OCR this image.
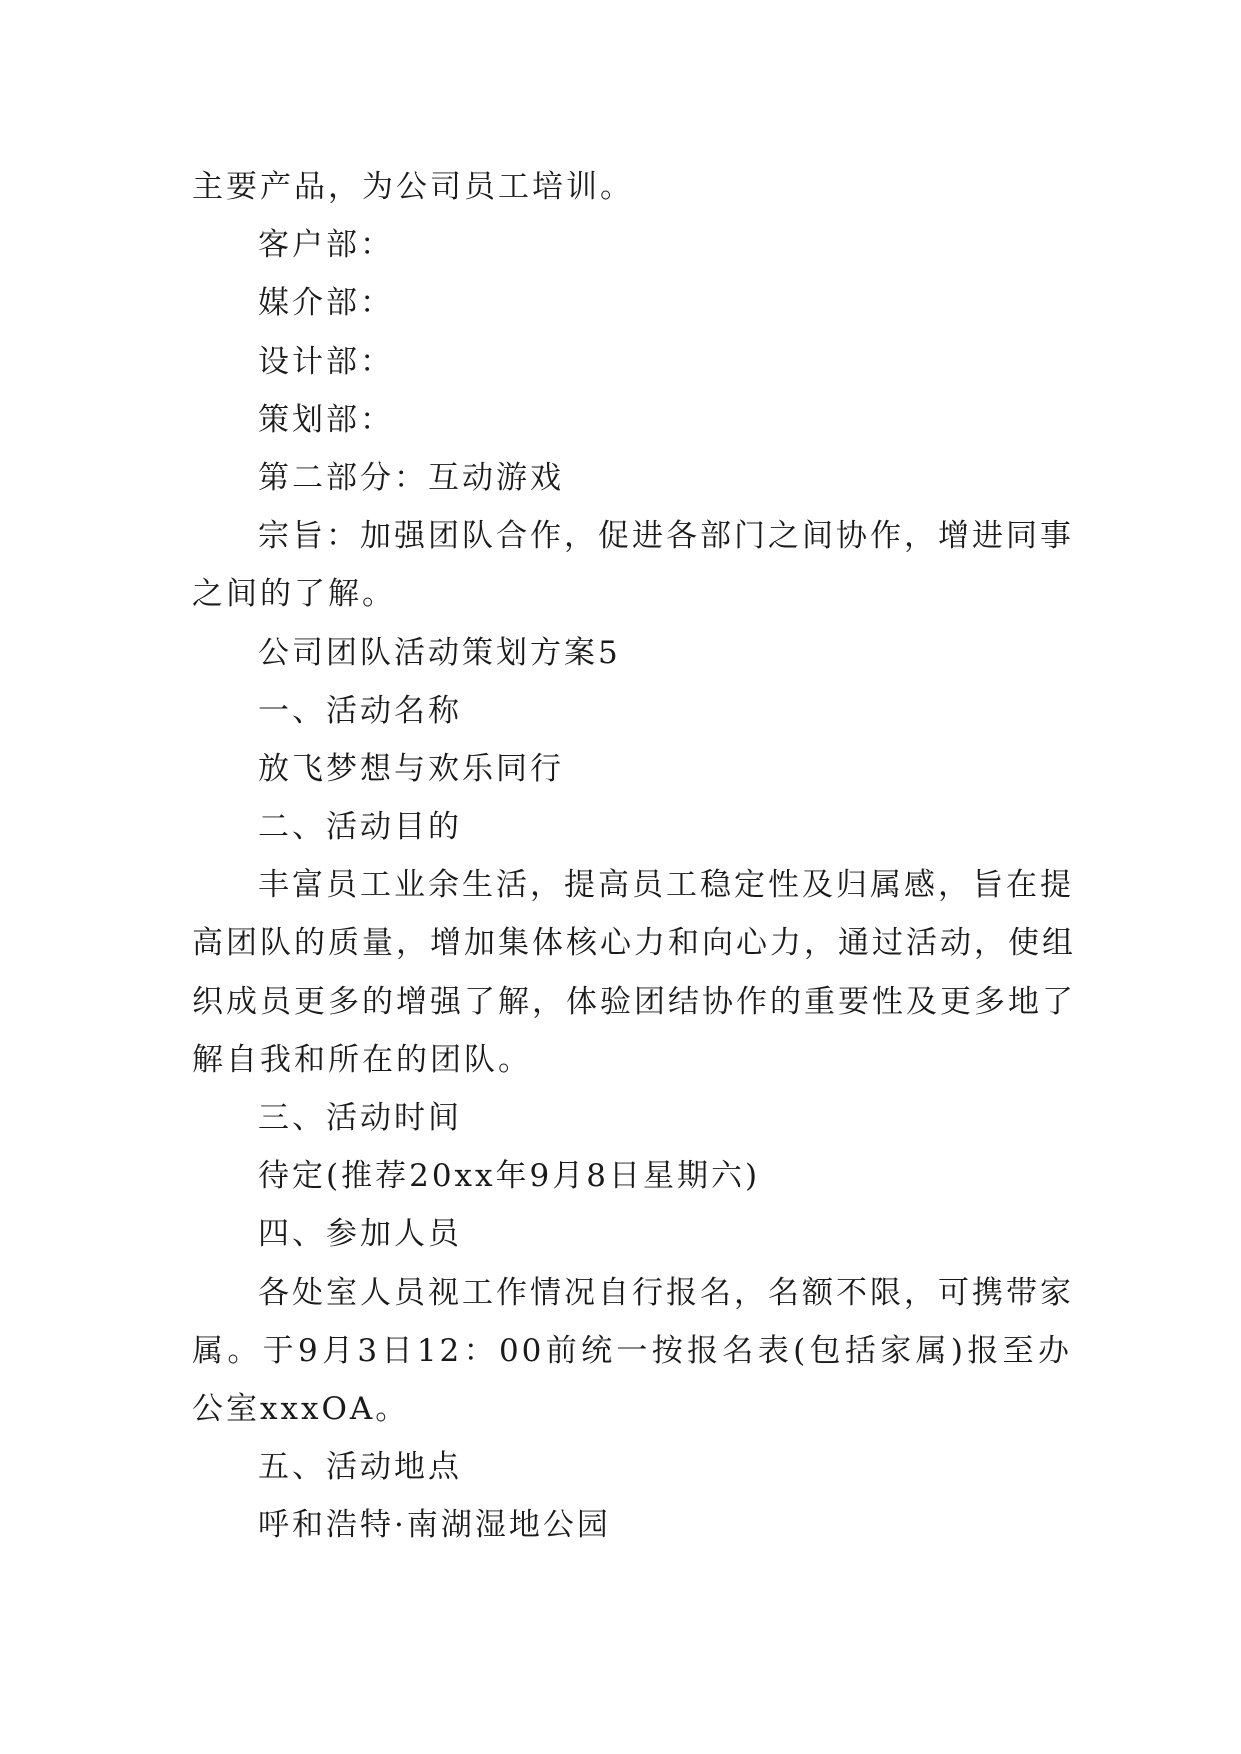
主要产品，为公司员工培训。
客户部：
媒介部：
设计部：
策划部：
第二部分：互动游戏
宗旨：加强团队合作，促进各部门之间协作，增进同事
之间的了解。
公司团队活动策划方案5
一、活动名称
放飞梦想与欢乐同行
二、活动目的
丰富员工业余生活，提高员工稳定性及归属感，旨在提
高团队的质量，增加集体核心力和向心力，通过活动，使组
织成员更多的增强了解，体验团结协作的重要性及更多地了
解自我和所在的团队。
三、活动时间
待定(推荐20xx年9月8日星期六)
四、参加人员
各处室人员视工作情况自行报名，名额不限，可携带家
属。于9月3日12：00前统一按报名表(包括家属)报至办
公室xxxOA。
五、活动地点
呼和浩特·南湖湿地公园
